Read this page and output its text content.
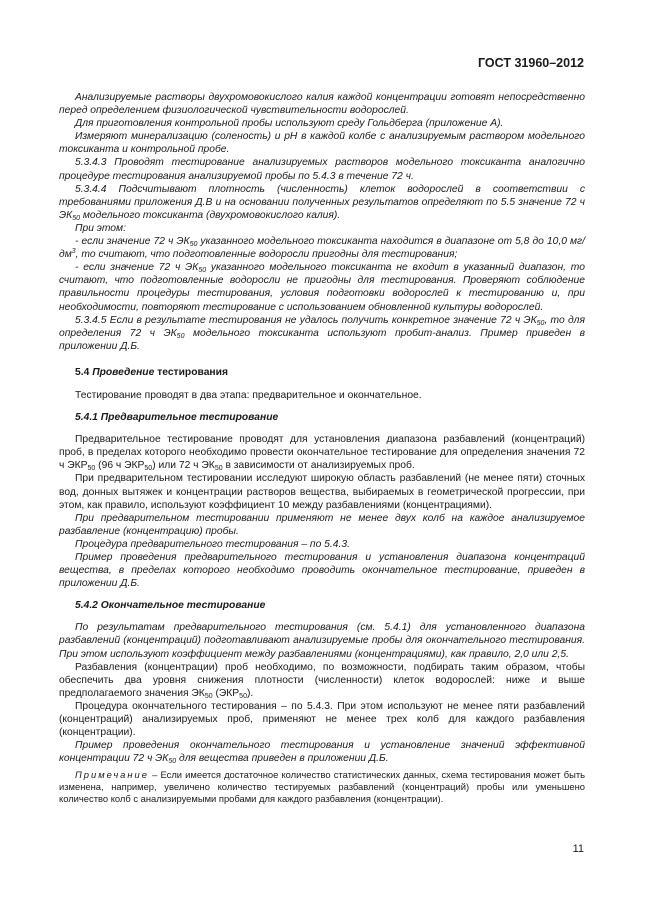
ГОСТ 31960–2012

Анализируемые растворы двухромовокислого калия каждой концентрации готовят непосредственно перед определением физиологической чувствительности водорослей.

Для приготовления контрольной пробы используют среду Гольдберга (приложение А).

Измеряют минерализацию (соленость) и pH в каждой колбе с анализируемым раствором модельного токсиканта и контрольной пробе.

5.3.4.3 Проводят тестирование анализируемых растворов модельного токсиканта аналогично процедуре тестирования анализируемой пробы по 5.4.3 в течение 72 ч.

5.3.4.4 Подсчитывают плотность (численность) клеток водорослей в соответствии с требованиями приложения Д.В и на основании полученных результатов определяют по 5.5 значение 72 ч $ЭК_{50}$ модельного токсиканта (двухромовокислого калия).

При этом:

- если значение 72 ч $ЭК_{50}$ указанного модельного токсиканта находится в диапазоне от 5,8 до 10,0 $мг/дм^3$, то считают, что подготовленные водоросли пригодны для тестирования;

- если значение 72 ч $ЭК_{50}$ указанного модельного токсиканта не входит в указанный диапазон, то считают, что подготовленные водоросли не пригодны для тестирования. Проверяют соблюдение правильности процедуры тестирования, условия подготовки водорослей к тестированию и, при необходимости, повторяют тестирование с использованием обновленной культуры водорослей.

5.3.4.5 Если в результате тестирования не удалось получить конкретное значение 72 ч $ЭК_{50}$, то для определения 72 ч $ЭК_{50}$ модельного токсиканта используют пробит-анализ. Пример приведен в приложении Д.Б.

5.4 Проведение тестирования

Тестирование проводят в два этапа: предварительное и окончательное.

5.4.1 Предварительное тестирование

Предварительное тестирование проводят для установления диапазона разбавлений (концентраций) проб, в пределах которого необходимо провести окончательное тестирование для определения значения 72 ч $ЭКР_{50}$ (96 ч $ЭКР_{50}$) или 72 ч $ЭК_{50}$ в зависимости от анализируемых проб.

При предварительном тестировании исследуют широкую область разбавлений (не менее пяти) сточных вод, донных вытяжек и концентрации растворов вещества, выбираемых в геометрической прогрессии, при этом, как правило, используют коэффициент 10 между разбавлениями (концентрациями).

При предварительном тестировании применяют не менее двух колб на каждое анализируемое разбавление (концентрацию) пробы.

Процедура предварительного тестирования – по 5.4.3.

Пример проведения предварительного тестирования и установления диапазона концентраций вещества, в пределах которого необходимо проводить окончательное тестирование, приведен в приложении Д.Б.

5.4.2 Окончательное тестирование

По результатам предварительного тестирования (см. 5.4.1) для установленного диапазона разбавлений (концентраций) подготавливают анализируемые пробы для окончательного тестирования. При этом используют коэффициент между разбавлениями (концентрациями), как правило, 2,0 или 2,5.

Разбавления (концентрации) проб необходимо, по возможности, подбирать таким образом, чтобы обеспечить два уровня снижения плотности (численности) клеток водорослей: ниже и выше предполагаемого значения $ЭК_{50}$ $(ЭКР_{50})$.

Процедура окончательного тестирования – по 5.4.3. При этом используют не менее пяти разбавлений (концентраций) анализируемых проб, применяют не менее трех колб для каждого разбавления (концентрации).

Пример проведения окончательного тестирования и установление значений эффективной концентрации 72 ч $ЭК_{50}$ для вещества приведен в приложении Д.Б.

Примечание – Если имеется достаточное количество статистических данных, схема тестирования может быть изменена, например, увеличено количество тестируемых разбавлений (концентраций) пробы или уменьшено количество колб с анализируемыми пробами для каждого разбавления (концентрации).

11
